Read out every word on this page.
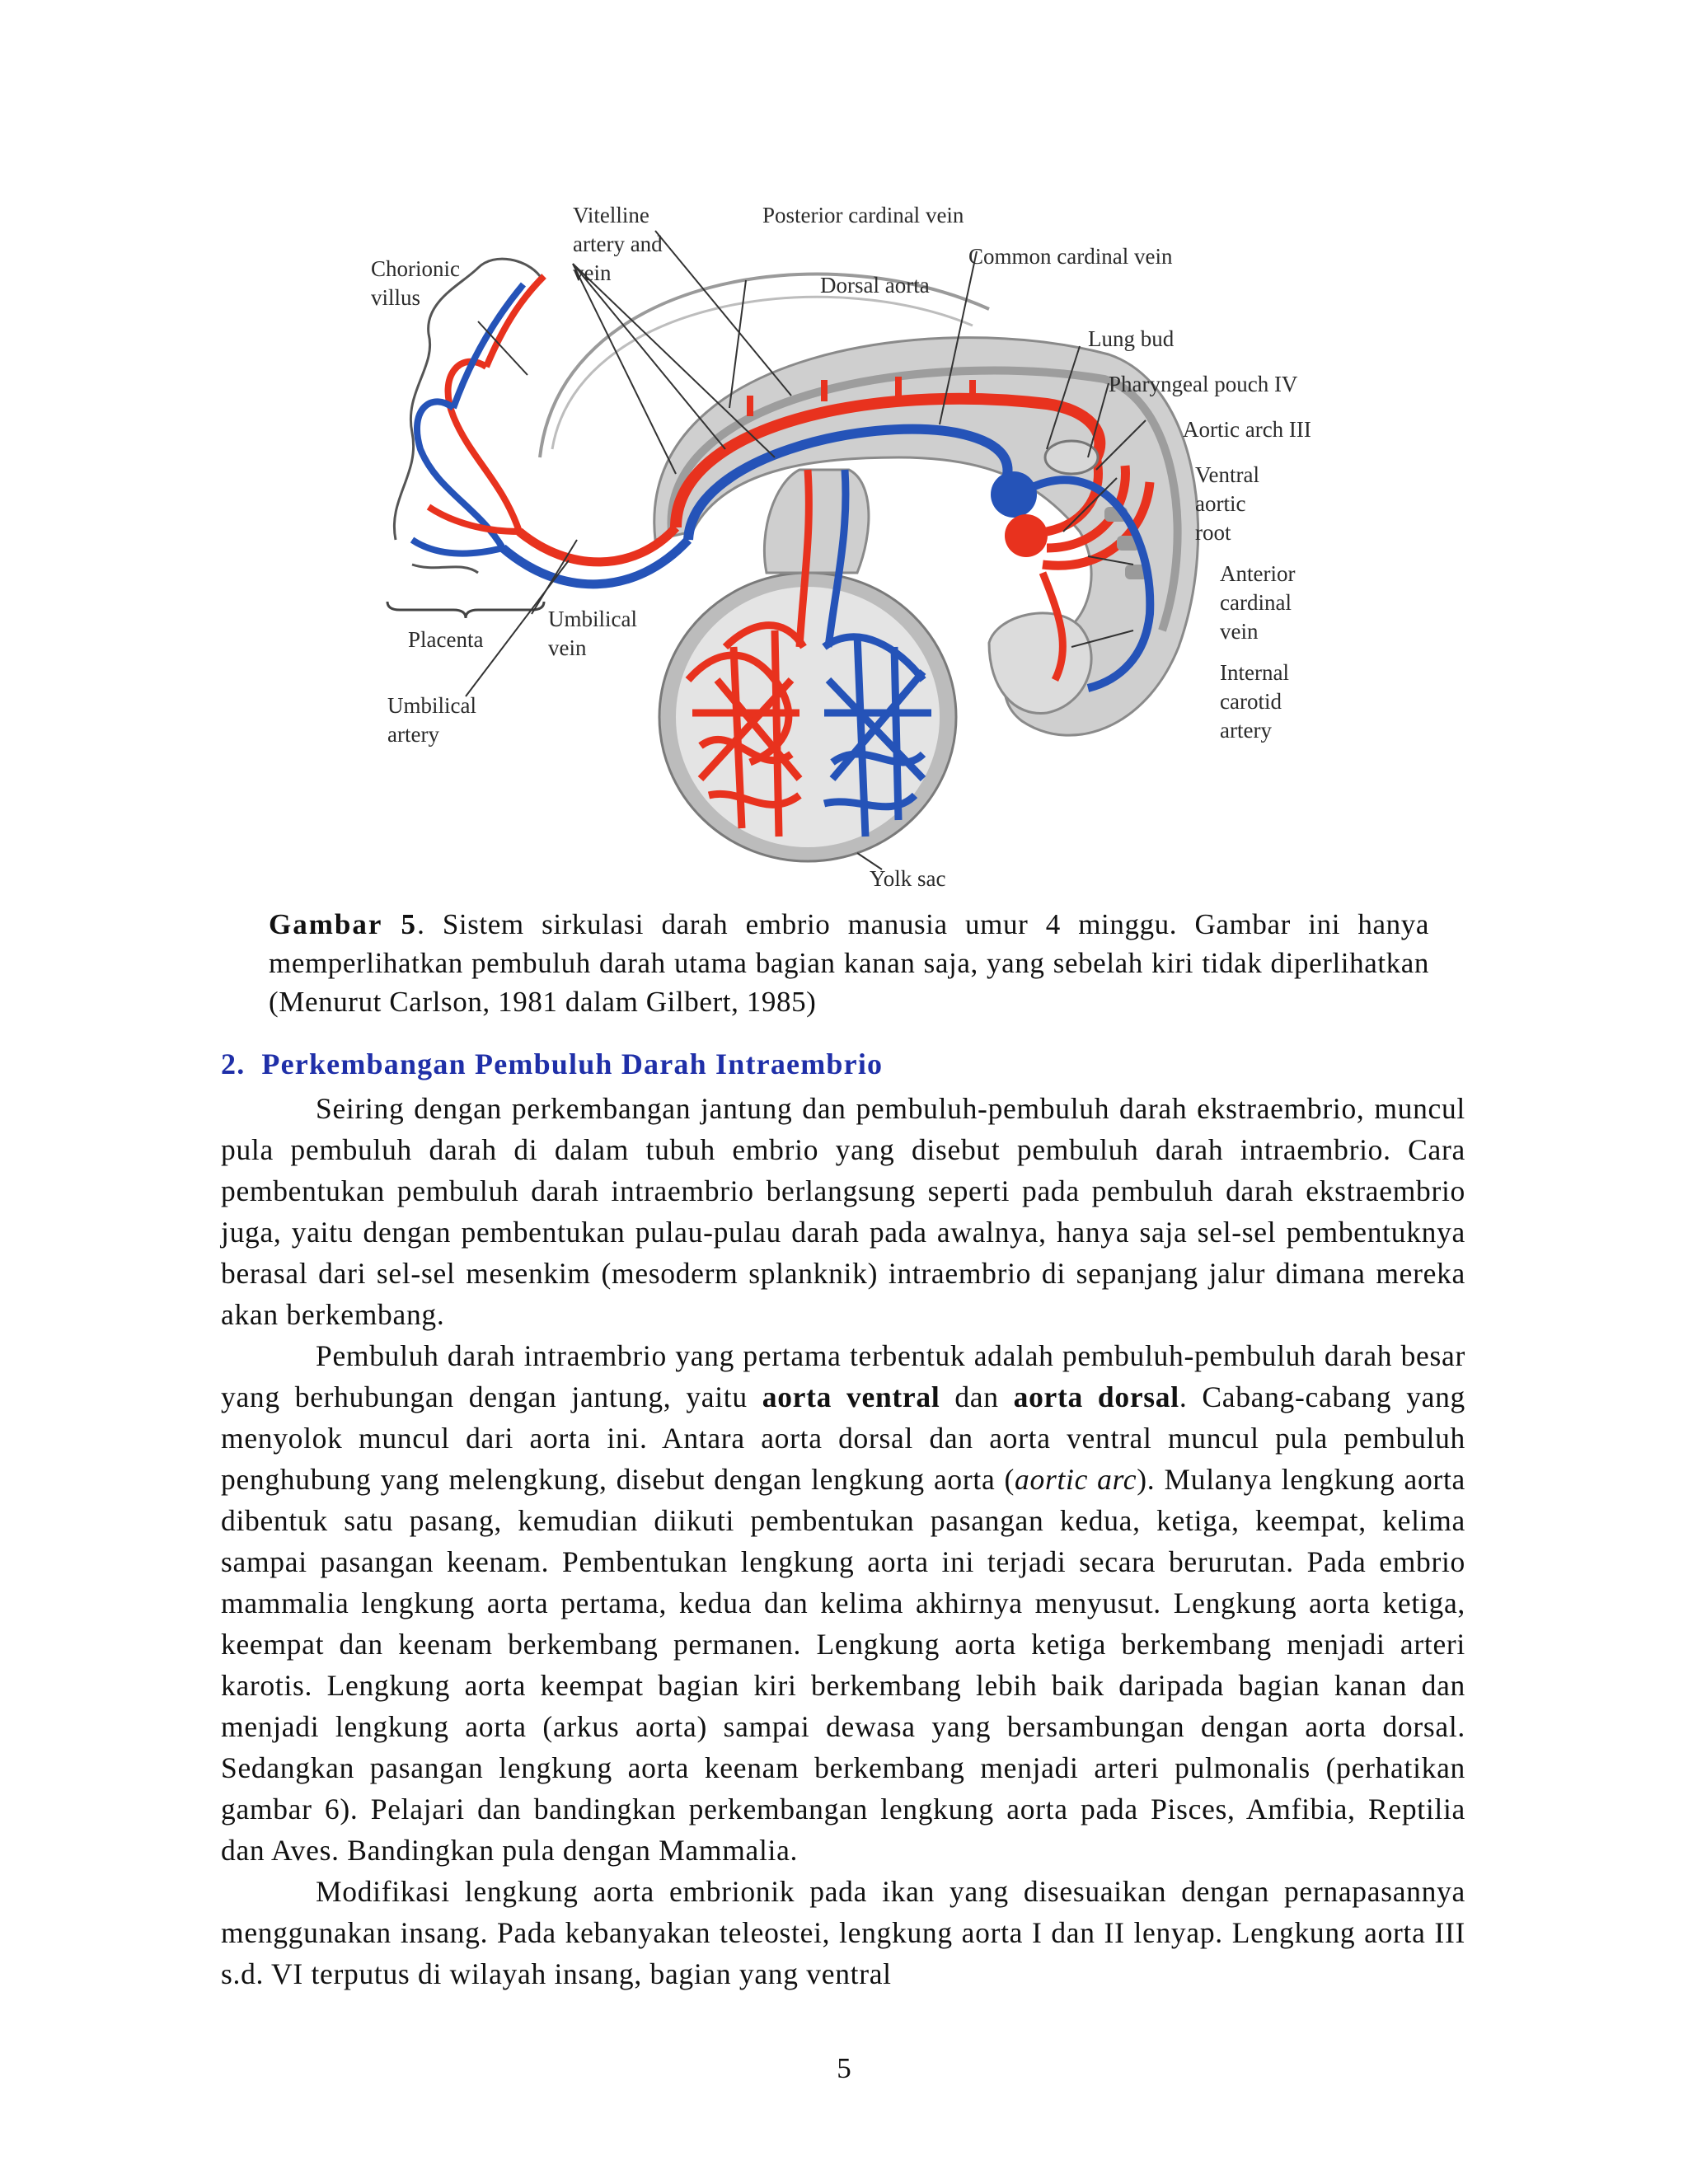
Chorionic villus
Vitelline artery and vein
Posterior cardinal vein
Common cardinal vein
Dorsal aorta
Lung bud
Pharyngeal pouch IV
Aortic arch III
Ventral aortic root
Anterior cardinal vein
Internal carotid artery
Placenta
Umbilical vein
Umbilical artery
Yolk sac
Gambar 5. Sistem sirkulasi darah embrio manusia umur 4 minggu. Gambar ini hanya memperlihatkan pembuluh darah utama bagian kanan saja, yang sebelah kiri tidak diperlihatkan (Menurut Carlson, 1981 dalam Gilbert, 1985)
2. Perkembangan Pembuluh Darah Intraembrio

Seiring dengan perkembangan jantung dan pembuluh-pembuluh darah ekstraembrio, muncul pula pembuluh darah di dalam tubuh embrio yang disebut pembuluh darah intraembrio. Cara pembentukan pembuluh darah intraembrio berlangsung seperti pada pembuluh darah ekstraembrio juga, yaitu dengan pembentukan pulau-pulau darah pada awalnya, hanya saja sel-sel pembentuknya berasal dari sel-sel mesenkim (mesoderm splanknik) intraembrio di sepanjang jalur dimana mereka akan berkembang.

Pembuluh darah intraembrio yang pertama terbentuk adalah pembuluh-pembuluh darah besar yang berhubungan dengan jantung, yaitu aorta ventral dan aorta dorsal. Cabang-cabang yang menyolok muncul dari aorta ini. Antara aorta dorsal dan aorta ventral muncul pula pembuluh penghubung yang melengkung, disebut dengan lengkung aorta (aortic arc). Mulanya lengkung aorta dibentuk satu pasang, kemudian diikuti pembentukan pasangan kedua, ketiga, keempat, kelima sampai pasangan keenam. Pembentukan lengkung aorta ini terjadi secara berurutan. Pada embrio mammalia lengkung aorta pertama, kedua dan kelima akhirnya menyusut. Lengkung aorta ketiga, keempat dan keenam berkembang permanen. Lengkung aorta ketiga berkembang menjadi arteri karotis. Lengkung aorta keempat bagian kiri berkembang lebih baik daripada bagian kanan dan menjadi lengkung aorta (arkus aorta) sampai dewasa yang bersambungan dengan aorta dorsal. Sedangkan pasangan lengkung aorta keenam berkembang menjadi arteri pulmonalis (perhatikan gambar 6). Pelajari dan bandingkan perkembangan lengkung aorta pada Pisces, Amfibia, Reptilia dan Aves. Bandingkan pula dengan Mammalia.

Modifikasi lengkung aorta embrionik pada ikan yang disesuaikan dengan pernapasannya menggunakan insang. Pada kebanyakan teleostei, lengkung aorta I dan II lenyap. Lengkung aorta III s.d. VI terputus di wilayah insang, bagian yang ventral

5
